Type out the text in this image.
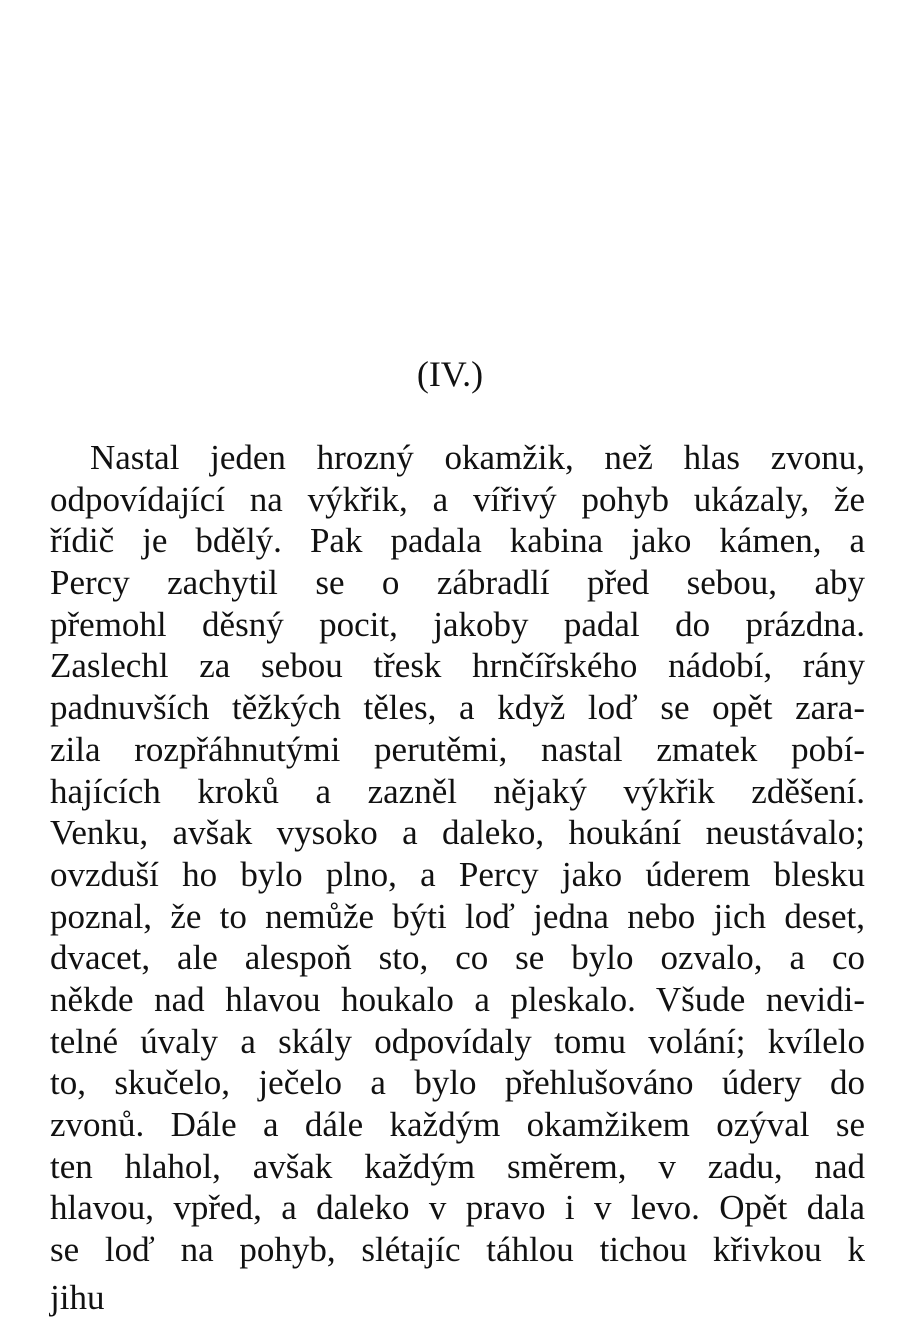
(IV.)
Nastal jeden hrozný okamžik, než hlas zvonu,
odpovídající na výkřik, a vířivý pohyb ukázaly, že
řídič je bdělý. Pak padala kabina jako kámen, a
Percy zachytil se o zábradlí před sebou, aby
přemohl děsný pocit, jakoby padal do prázdna.
Zaslechl za sebou třesk hrnčířského nádobí, rány
padnuvších těžkých těles, a když loď se opět zara-
zila rozpřáhnutými perutěmi, nastal zmatek pobí-
hajících kroků a zazněl nějaký výkřik zděšení.
Venku, avšak vysoko a daleko, houkání neustávalo;
ovzduší ho bylo plno, a Percy jako úderem blesku
poznal, že to nemůže býti loď jedna nebo jich deset,
dvacet, ale alespoň sto, co se bylo ozvalo, a co
někde nad hlavou houkalo a pleskalo. Všude nevidi-
telné úvaly a skály odpovídaly tomu volání; kvílelo
to, skučelo, ječelo a bylo přehlušováno údery do
zvonů. Dále a dále každým okamžikem ozýval se
ten hlahol, avšak každým směrem, v zadu, nad
hlavou, vpřed, a daleko v pravo i v levo. Opět dala
se loď na pohyb, slétajíc táhlou tichou křivkou k
jihu
